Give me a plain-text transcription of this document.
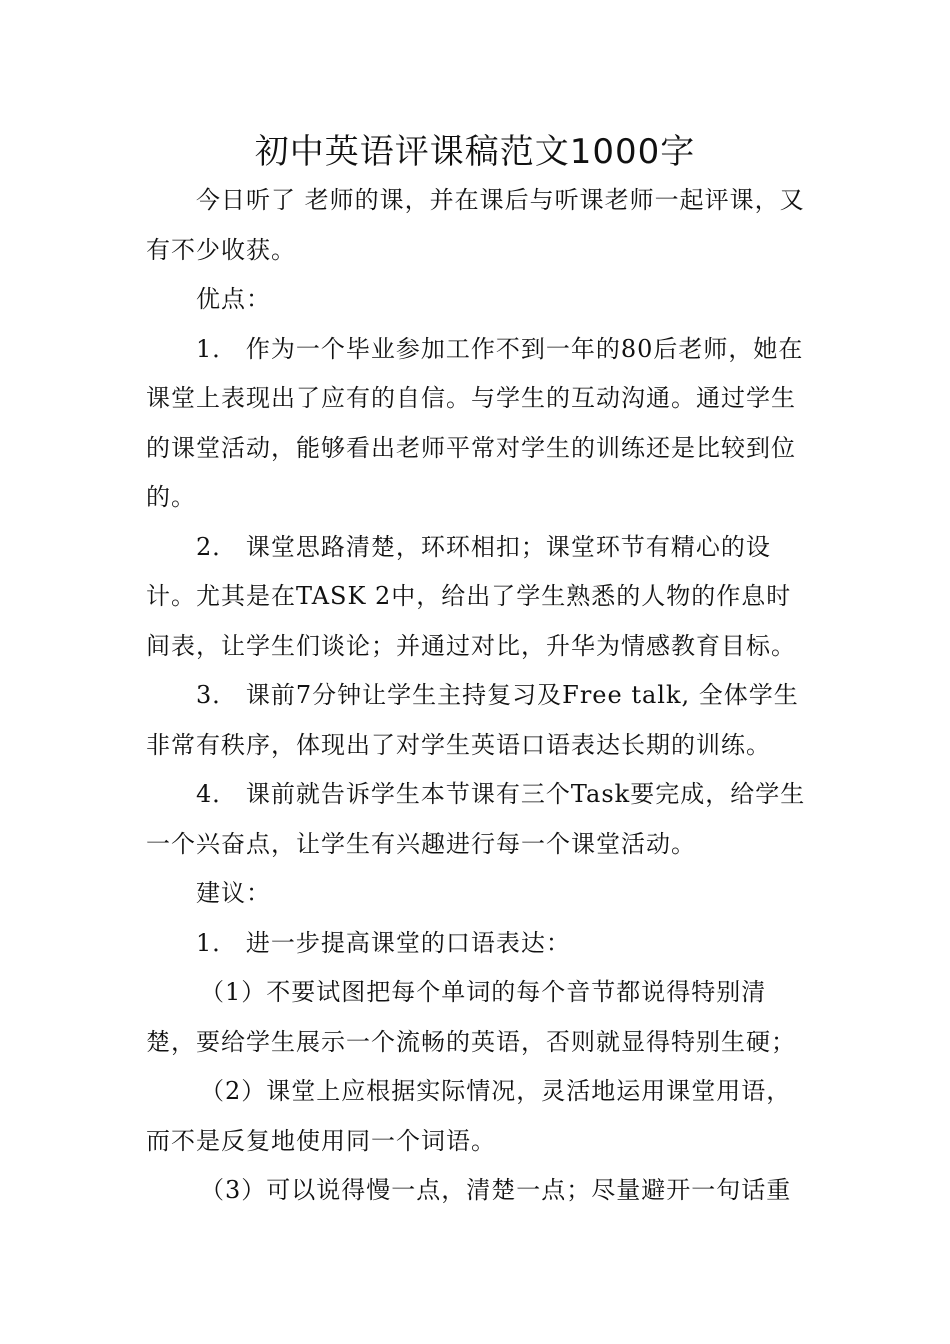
初中英语评课稿范文1000字

今日听了 老师的课，并在课后与听课老师一起评课，又有不少收获。

优点：

1． 作为一个毕业参加工作不到一年的80后老师，她在课堂上表现出了应有的自信。与学生的互动沟通。通过学生的课堂活动，能够看出老师平常对学生的训练还是比较到位的。

2． 课堂思路清楚，环环相扣；课堂环节有精心的设计。尤其是在TASK 2中，给出了学生熟悉的人物的作息时间表，让学生们谈论；并通过对比，升华为情感教育目标。

3． 课前7分钟让学生主持复习及Free talk, 全体学生非常有秩序，体现出了对学生英语口语表达长期的训练。

4． 课前就告诉学生本节课有三个Task要完成，给学生一个兴奋点，让学生有兴趣进行每一个课堂活动。

建议：

1． 进一步提高课堂的口语表达：

（1）不要试图把每个单词的每个音节都说得特别清楚，要给学生展示一个流畅的英语，否则就显得特别生硬；

（2）课堂上应根据实际情况，灵活地运用课堂用语，而不是反复地使用同一个词语。

（3）可以说得慢一点，清楚一点；尽量避开一句话重
